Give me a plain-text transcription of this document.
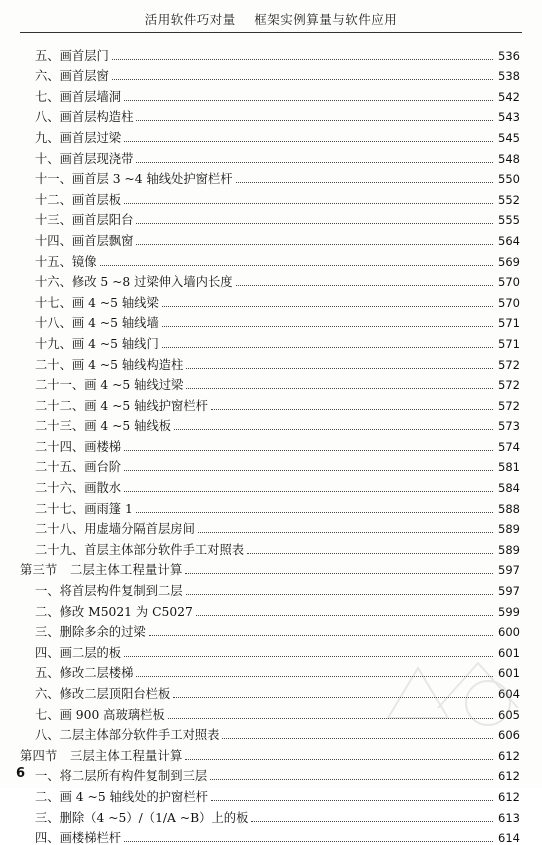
活用软件巧对量 框架实例算量与软件应用
五、画首层门	536
六、画首层窗	538
七、画首层墙洞	542
八、画首层构造柱	543
九、画首层过梁	545
十、画首层现浇带	548
十一、画首层 3 ~4 轴线处护窗栏杆	550
十二、画首层板	552
十三、画首层阳台	555
十四、画首层飘窗	564
十五、镜像	569
十六、修改 5 ~8 过梁伸入墙内长度	570
十七、画 4 ~5 轴线梁	570
十八、画 4 ~5 轴线墙	571
十九、画 4 ~5 轴线门	571
二十、画 4 ~5 轴线构造柱	572
二十一、画 4 ~5 轴线过梁	572
二十二、画 4 ~5 轴线护窗栏杆	572
二十三、画 4 ~5 轴线板	573
二十四、画楼梯	574
二十五、画台阶	581
二十六、画散水	584
二十七、画雨篷 1	588
二十八、用虚墙分隔首层房间	589
二十九、首层主体部分软件手工对照表	589
第三节　二层主体工程量计算	597
一、将首层构件复制到二层	597
二、修改 M5021 为 C5027	599
三、删除多余的过梁	600
四、画二层的板	601
五、修改二层楼梯	601
六、修改二层顶阳台栏板	604
七、画 900 高玻璃栏板	605
八、二层主体部分软件手工对照表	606
第四节　三层主体工程量计算	612
一、将二层所有构件复制到三层	612
二、画 4 ~5 轴线处的护窗栏杆	612
三、删除（4 ~5）/（1/A ~B）上的板	613
四、画楼梯栏杆	614
6
